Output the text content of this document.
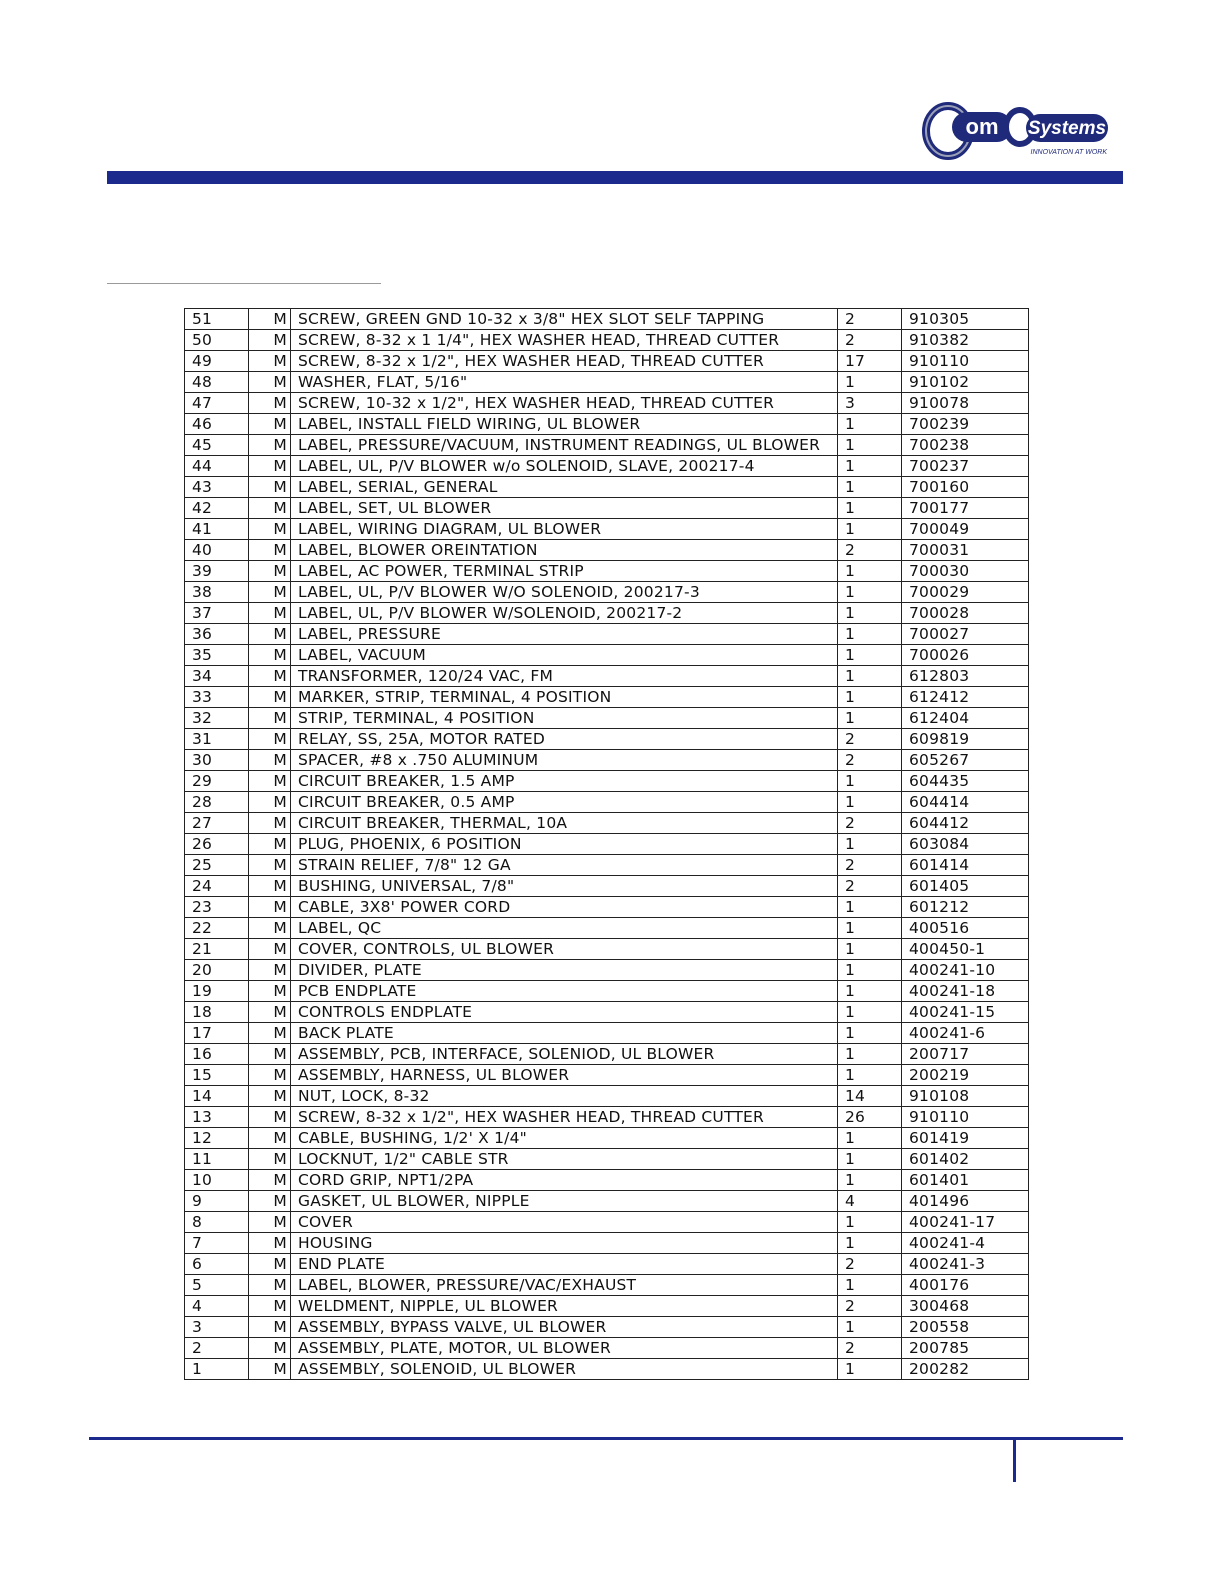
om Systems
INNOVATION AT WORK
51	M	SCREW, GREEN GND 10-32 x 3/8" HEX SLOT SELF TAPPING	2	910305
50	M	SCREW, 8-32 x 1 1/4", HEX WASHER HEAD, THREAD CUTTER	2	910382
49	M	SCREW, 8-32 x 1/2", HEX WASHER HEAD, THREAD CUTTER	17	910110
48	M	WASHER, FLAT, 5/16"	1	910102
47	M	SCREW, 10-32 x 1/2", HEX WASHER HEAD, THREAD CUTTER	3	910078
46	M	LABEL, INSTALL FIELD WIRING, UL BLOWER	1	700239
45	M	LABEL, PRESSURE/VACUUM, INSTRUMENT READINGS, UL BLOWER	1	700238
44	M	LABEL, UL, P/V BLOWER w/o SOLENOID, SLAVE, 200217-4	1	700237
43	M	LABEL, SERIAL, GENERAL	1	700160
42	M	LABEL, SET, UL BLOWER	1	700177
41	M	LABEL, WIRING DIAGRAM, UL BLOWER	1	700049
40	M	LABEL, BLOWER OREINTATION	2	700031
39	M	LABEL, AC POWER, TERMINAL STRIP	1	700030
38	M	LABEL, UL, P/V BLOWER W/O SOLENOID, 200217-3	1	700029
37	M	LABEL, UL, P/V BLOWER W/SOLENOID, 200217-2	1	700028
36	M	LABEL, PRESSURE	1	700027
35	M	LABEL, VACUUM	1	700026
34	M	TRANSFORMER, 120/24 VAC, FM	1	612803
33	M	MARKER, STRIP, TERMINAL, 4 POSITION	1	612412
32	M	STRIP, TERMINAL, 4 POSITION	1	612404
31	M	RELAY, SS, 25A, MOTOR RATED	2	609819
30	M	SPACER, #8 x .750 ALUMINUM	2	605267
29	M	CIRCUIT BREAKER, 1.5 AMP	1	604435
28	M	CIRCUIT BREAKER, 0.5 AMP	1	604414
27	M	CIRCUIT BREAKER, THERMAL, 10A	2	604412
26	M	PLUG, PHOENIX, 6 POSITION	1	603084
25	M	STRAIN RELIEF, 7/8" 12 GA	2	601414
24	M	BUSHING, UNIVERSAL, 7/8"	2	601405
23	M	CABLE, 3X8' POWER CORD	1	601212
22	M	LABEL, QC	1	400516
21	M	COVER, CONTROLS, UL BLOWER	1	400450-1
20	M	DIVIDER, PLATE	1	400241-10
19	M	PCB ENDPLATE	1	400241-18
18	M	CONTROLS ENDPLATE	1	400241-15
17	M	BACK PLATE	1	400241-6
16	M	ASSEMBLY, PCB, INTERFACE, SOLENIOD, UL BLOWER	1	200717
15	M	ASSEMBLY, HARNESS, UL BLOWER	1	200219
14	M	NUT, LOCK, 8-32	14	910108
13	M	SCREW, 8-32 x 1/2", HEX WASHER HEAD, THREAD CUTTER	26	910110
12	M	CABLE, BUSHING, 1/2' X 1/4"	1	601419
11	M	LOCKNUT, 1/2" CABLE STR	1	601402
10	M	CORD GRIP, NPT1/2PA	1	601401
9	M	GASKET, UL BLOWER, NIPPLE	4	401496
8	M	COVER	1	400241-17
7	M	HOUSING	1	400241-4
6	M	END PLATE	2	400241-3
5	M	LABEL, BLOWER, PRESSURE/VAC/EXHAUST	1	400176
4	M	WELDMENT, NIPPLE, UL BLOWER	2	300468
3	M	ASSEMBLY, BYPASS VALVE, UL BLOWER	1	200558
2	M	ASSEMBLY, PLATE, MOTOR, UL BLOWER	2	200785
1	M	ASSEMBLY, SOLENOID, UL BLOWER	1	200282
